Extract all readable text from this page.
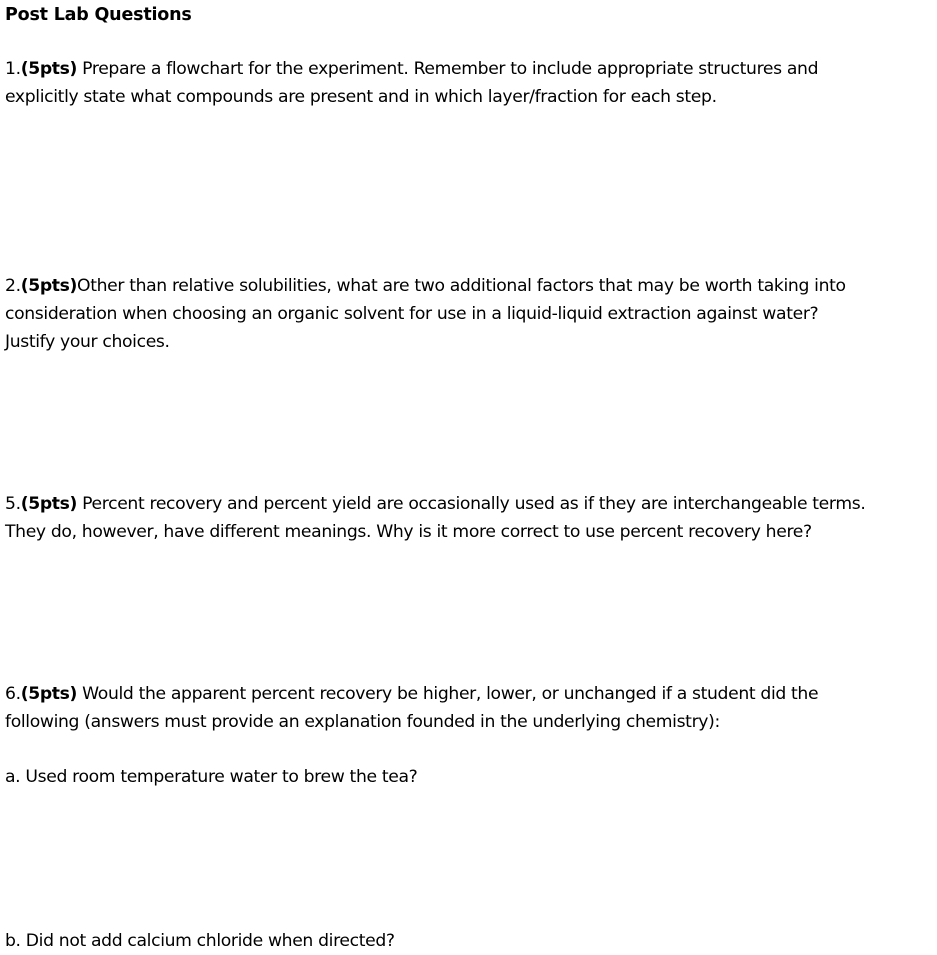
Post Lab Questions
1.(5pts) Prepare a flowchart for the experiment. Remember to include appropriate structures and
explicitly state what compounds are present and in which layer/fraction for each step.
2.(5pts)Other than relative solubilities, what are two additional factors that may be worth taking into
consideration when choosing an organic solvent for use in a liquid-liquid extraction against water?
Justify your choices.
5.(5pts) Percent recovery and percent yield are occasionally used as if they are interchangeable terms.
They do, however, have different meanings. Why is it more correct to use percent recovery here?
6.(5pts) Would the apparent percent recovery be higher, lower, or unchanged if a student did the
following (answers must provide an explanation founded in the underlying chemistry):
a. Used room temperature water to brew the tea?
b. Did not add calcium chloride when directed?
